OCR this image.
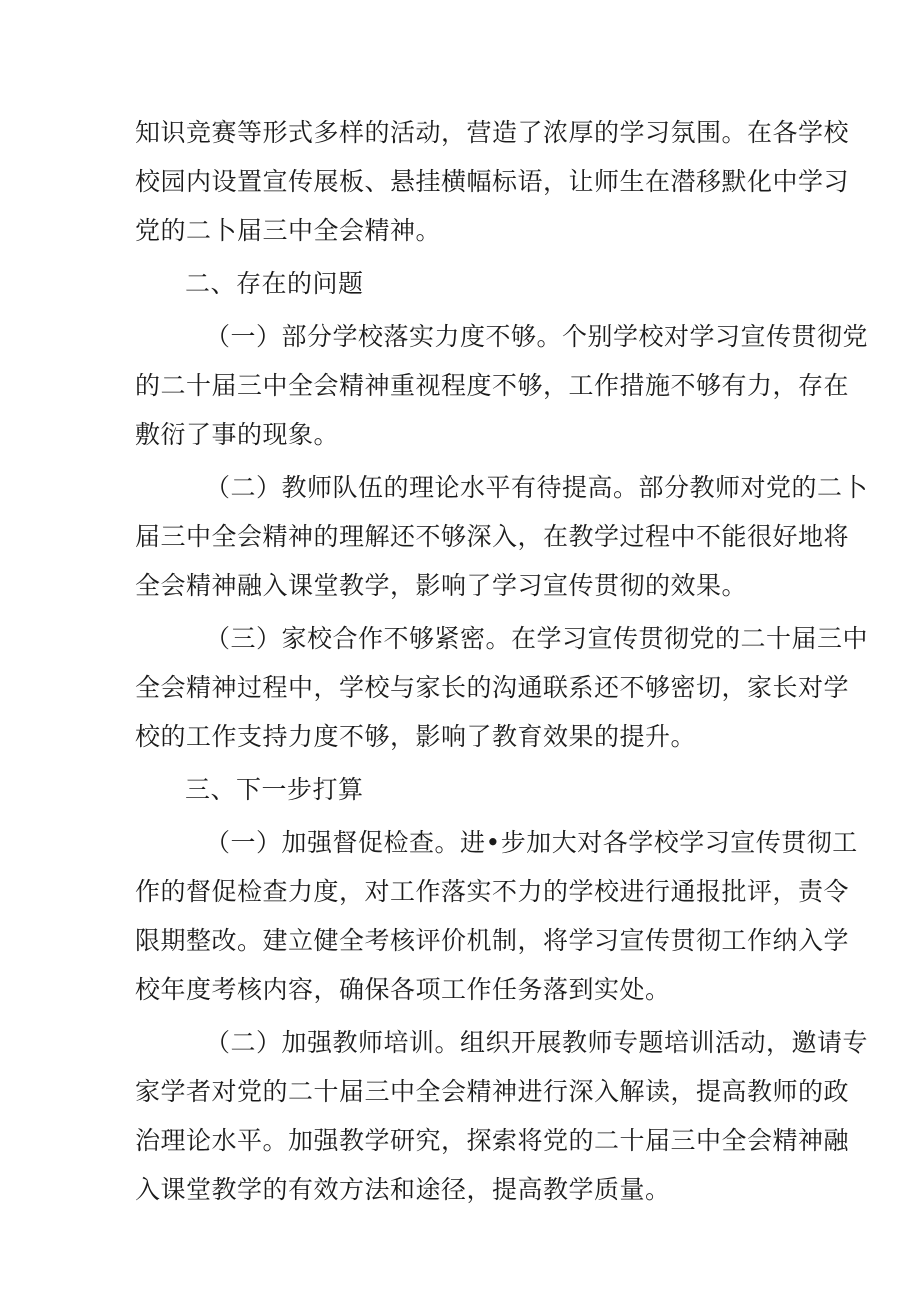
知识竞赛等形式多样的活动，营造了浓厚的学习氛围。在各学校
校园内设置宣传展板、悬挂横幅标语，让师生在潜移默化中学习
党的二卜届三中全会精神。
二、存在的问题
（一）部分学校落实力度不够。个别学校对学习宣传贯彻党
的二十届三中全会精神重视程度不够，工作措施不够有力，存在
敷衍了事的现象。
（二）教师队伍的理论水平有待提高。部分教师对党的二卜
届三中全会精神的理解还不够深入，在教学过程中不能很好地将
全会精神融入课堂教学，影响了学习宣传贯彻的效果。
（三）家校合作不够紧密。在学习宣传贯彻党的二十届三中
全会精神过程中，学校与家长的沟通联系还不够密切，家长对学
校的工作支持力度不够，影响了教育效果的提升。
三、下一步打算
（一）加强督促检查。进•步加大对各学校学习宣传贯彻工
作的督促检查力度，对工作落实不力的学校进行通报批评，责令
限期整改。建立健全考核评价机制，将学习宣传贯彻工作纳入学
校年度考核内容，确保各项工作任务落到实处。
（二）加强教师培训。组织开展教师专题培训活动，邀请专
家学者对党的二十届三中全会精神进行深入解读，提高教师的政
治理论水平。加强教学研究，探索将党的二十届三中全会精神融
入课堂教学的有效方法和途径，提高教学质量。
